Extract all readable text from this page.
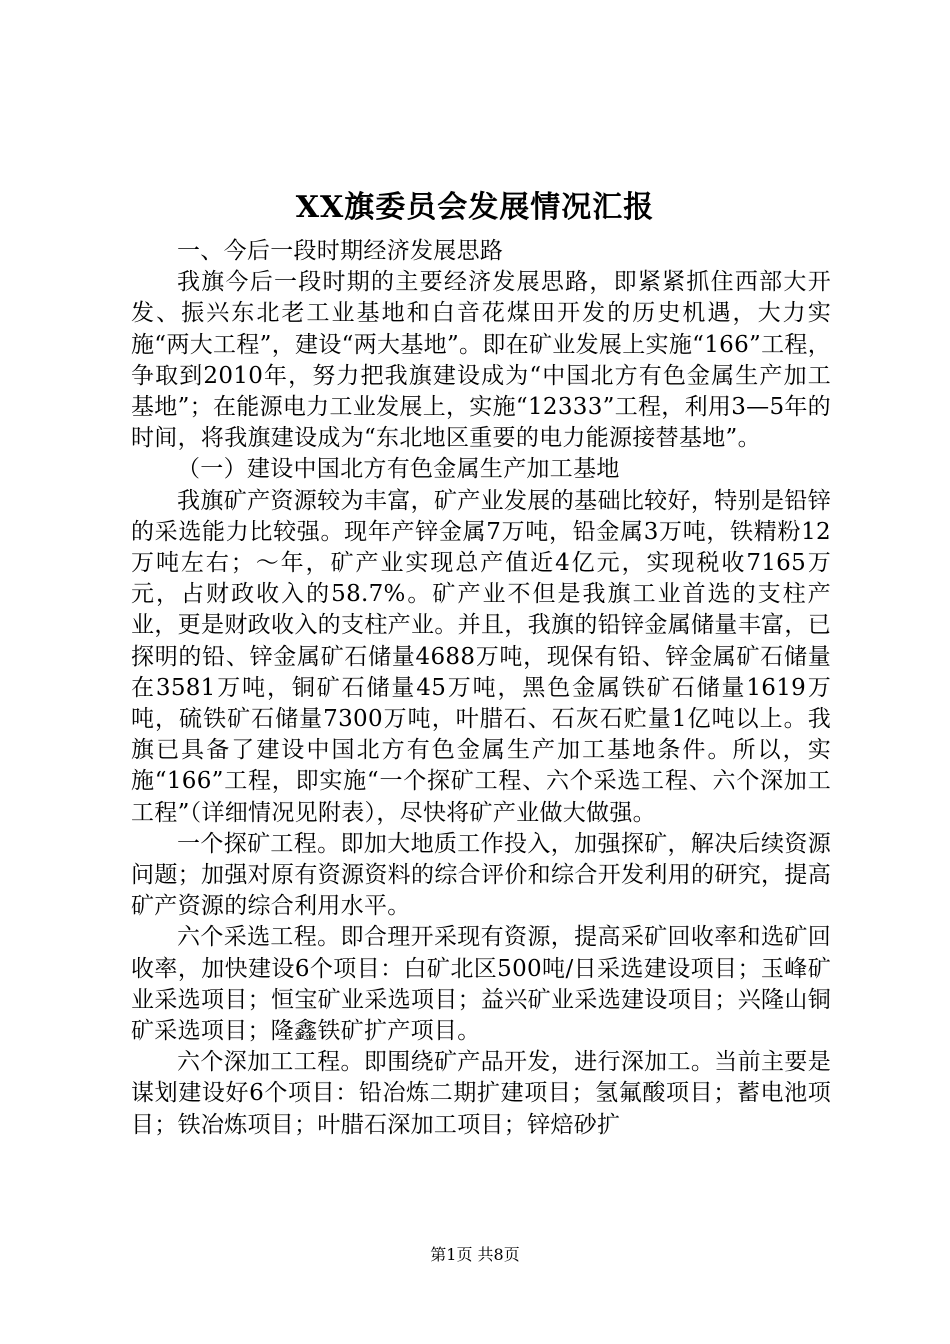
XX旗委员会发展情况汇报

一、今后一段时期经济发展思路

我旗今后一段时期的主要经济发展思路，即紧紧抓住西部大开发、振兴东北老工业基地和白音花煤田开发的历史机遇，大力实施“两大工程”，建设“两大基地”。即在矿业发展上实施“166”工程，争取到2010年，努力把我旗建设成为“中国北方有色金属生产加工基地”；在能源电力工业发展上，实施“12333”工程，利用3—5年的时间，将我旗建设成为“东北地区重要的电力能源接替基地”。

（一）建设中国北方有色金属生产加工基地

我旗矿产资源较为丰富，矿产业发展的基础比较好，特别是铅锌的采选能力比较强。现年产锌金属7万吨，铅金属3万吨，铁精粉12万吨左右；～年，矿产业实现总产值近4亿元，实现税收7165万元，占财政收入的58.7%。矿产业不但是我旗工业首选的支柱产业，更是财政收入的支柱产业。并且，我旗的铅锌金属储量丰富，已探明的铅、锌金属矿石储量4688万吨，现保有铅、锌金属矿石储量在3581万吨，铜矿石储量45万吨，黑色金属铁矿石储量1619万吨，硫铁矿石储量7300万吨，叶腊石、石灰石贮量1亿吨以上。我旗已具备了建设中国北方有色金属生产加工基地条件。所以，实施“166”工程，即实施“一个探矿工程、六个采选工程、六个深加工工程”（详细情况见附表），尽快将矿产业做大做强。

一个探矿工程。即加大地质工作投入，加强探矿，解决后续资源问题；加强对原有资源资料的综合评价和综合开发利用的研究，提高矿产资源的综合利用水平。

六个采选工程。即合理开采现有资源，提高采矿回收率和选矿回收率，加快建设6个项目：白矿北区500吨/日采选建设项目；玉峰矿业采选项目；恒宝矿业采选项目；益兴矿业采选建设项目；兴隆山铜矿采选项目；隆鑫铁矿扩产项目。

六个深加工工程。即围绕矿产品开发，进行深加工。当前主要是谋划建设好6个项目：铅冶炼二期扩建项目；氢氟酸项目；蓄电池项目；铁冶炼项目；叶腊石深加工项目；锌焙砂扩

第1页 共8页
